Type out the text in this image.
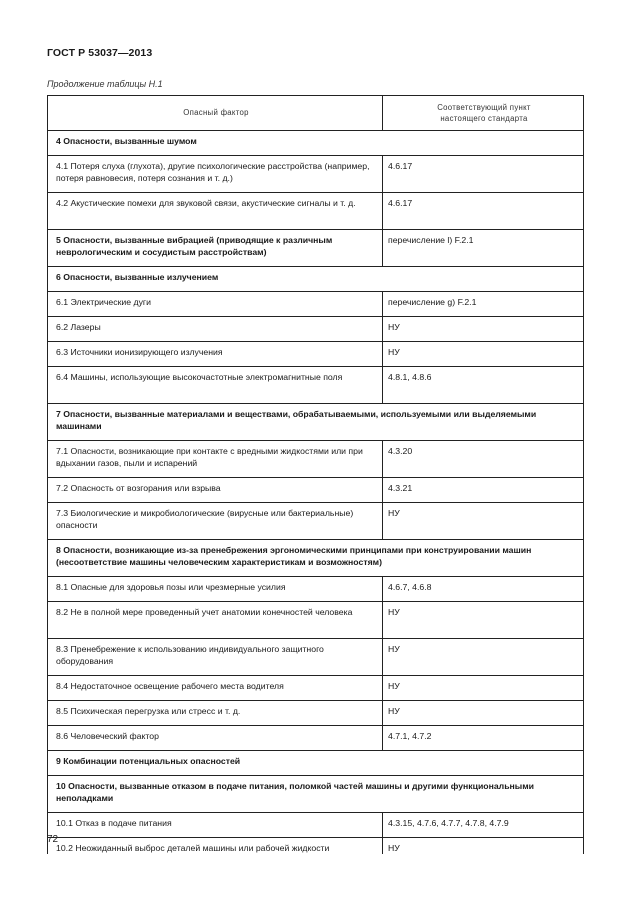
ГОСТ Р 53037—2013
Продолжение таблицы Н.1
Опасный фактор	Соответствующий пункт
настоящего стандарта
4 Опасности, вызванные шумом	
4.1 Потеря слуха (глухота), другие психологические расстройства (например, потеря равновесия, потеря сознания и т. д.)	4.6.17
4.2 Акустические помехи для звуковой связи, акустические сигналы и т. д.	4.6.17
5 Опасности, вызванные вибрацией (приводящие к различным неврологическим и сосудистым расстройствам)	перечисление l) F.2.1
6 Опасности, вызванные излучением	
6.1 Электрические дуги	перечисление g) F.2.1
6.2 Лазеры	НУ
6.3 Источники ионизирующего излучения	НУ
6.4 Машины, использующие высокочастотные электромагнитные поля	4.8.1, 4.8.6
7 Опасности, вызванные материалами и веществами, обрабатываемыми, используемыми или выделяемыми машинами	
7.1 Опасности, возникающие при контакте с вредными жидкостями или при вдыхании газов, пыли и испарений	4.3.20
7.2 Опасность от возгорания или взрыва	4.3.21
7.3 Биологические и микробиологические (вирусные или бактериальные) опасности	НУ
8 Опасности, возникающие из-за пренебрежения эргономическими принципами при конструировании машин (несоответствие машины человеческим характеристикам и возможностям)	
8.1 Опасные для здоровья позы или чрезмерные усилия	4.6.7, 4.6.8
8.2 Не в полной мере проведенный учет анатомии конечностей человека	НУ
8.3 Пренебрежение к использованию индивидуального защитного оборудования	НУ
8.4 Недостаточное освещение рабочего места водителя	НУ
8.5 Психическая перегрузка или стресс и т. д.	НУ
8.6 Человеческий фактор	4.7.1, 4.7.2
9 Комбинации потенциальных опасностей	
10 Опасности, вызванные отказом в подаче питания, поломкой частей машины и другими функциональными неполадками	
10.1 Отказ в подаче питания	4.3.15, 4.7.6, 4.7.7, 4.7.8, 4.7.9
10.2 Неожиданный выброс деталей машины или рабочей жидкости	НУ
72
